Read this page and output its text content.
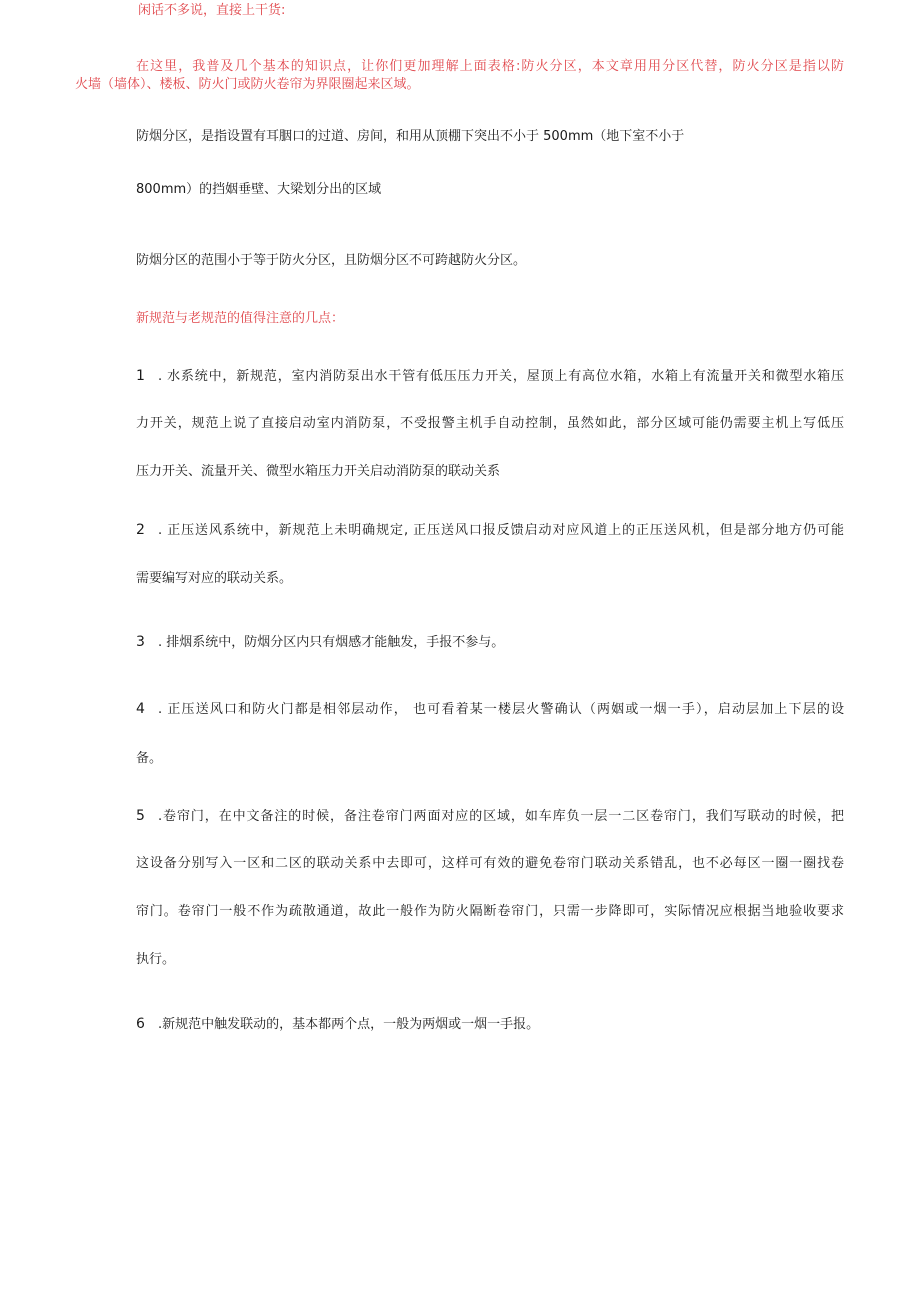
闲话不多说，直接上干货:
在这里，我普及几个基本的知识点，让你们更加理解上面表格:防火分区，本文章用用分区代替，防火分区是指以防
火墙（墙体）、楼板、防火门或防火卷帘为界限圈起来区域。
防烟分区，是指设置有耳胭口的过道、房间，和用从顶棚下突出不小于 500mm（地下室不小于
800mm）的挡姻垂壁、大梁划分出的区域
防烟分区的范围小于等于防火分区，且防烟分区不可跨越防火分区。
新规范与老规范的值得注意的几点：
1 . 水系统中，新规范，室内消防泵出水干管有低压压力开关，屋顶上有高位水箱，水箱上有流量开关和微型水箱压
力开关，规范上说了直接启动室内消防泵，不受报警主机手自动控制，虽然如此，部分区域可能仍需要主机上写低压
压力开关、流量开关、微型水箱压力开关启动消防泵的联动关系
2 . 正压送风系统中，新规范上未明确规定, 正压送风口报反馈启动对应风道上的正压送风机，但是部分地方仍可能
需要编写对应的联动关系。
3 . 排烟系统中，防烟分区内只有烟感才能触发，手报不参与。
4 . 正压送风口和防火门都是相邻层动作， 也可看着某一楼层火警确认（两姻或一烟一手），启动层加上下层的设
备。
5 .卷帘门，在中文备注的时候，备注卷帘门两面对应的区域，如车库负一层一二区卷帘门，我们写联动的时候，把
这设备分别写入一区和二区的联动关系中去即可，这样可有效的避免卷帘门联动关系错乱，也不必每区一圈一圈找卷
帘门。卷帘门一般不作为疏散通道，故此一般作为防火隔断卷帘门，只需一步降即可，实际情况应根据当地验收要求
执行。
6 .新规范中触发联动的，基本都两个点，一般为两烟或一烟一手报。
